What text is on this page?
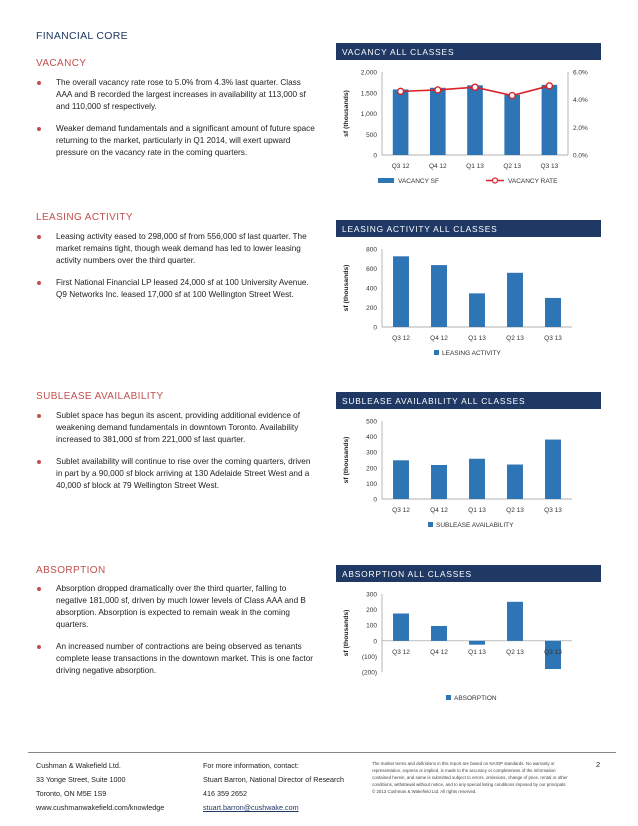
FINANCIAL CORE
VACANCY
The overall vacancy rate rose to 5.0% from 4.3% last quarter. Class AAA and B recorded the largest increases in availability at 113,000 sf and 110,000 sf respectively.
Weaker demand fundamentals and a significant amount of future space returning to the market, particularly in Q1 2014, will exert upward pressure on the vacancy rate in the coming quarters.
VACANCY ALL CLASSES
0
500
1,000
1,500
2,000
sf (thousands)
Q3 12	Q4 12	Q1 13	Q2 13	Q3 13
0.0%
2.0%
4.0%
6.0%
VACANCY SF	VACANCY RATE
LEASING ACTIVITY
Leasing activity eased to 298,000 sf from 556,000 sf last quarter. The market remains tight, though weak demand has led to lower leasing activity numbers over the third quarter.
First National Financial LP leased 24,000 sf at 100 University Avenue. Q9 Networks Inc. leased 17,000 sf at 100 Wellington Street West.
LEASING ACTIVITY ALL CLASSES
0
200
400
600
800
sf (thousands)
Q3 12	Q4 12	Q1 13	Q2 13	Q3 13
LEASING ACTIVITY
SUBLEASE AVAILABILITY
Sublet space has begun its ascent, providing additional evidence of weakening demand fundamentals in downtown Toronto. Availability increased to 381,000 sf from 221,000 sf last quarter.
Sublet availability will continue to rise over the coming quarters, driven in part by a 90,000 sf block arriving at 130 Adelaide Street West and a 40,000 sf block at 79 Wellington Street West.
SUBLEASE AVAILABILITY ALL CLASSES
0
100
200
300
400
500
sf (thousands)
Q3 12	Q4 12	Q1 13	Q2 13	Q3 13
SUBLEASE AVAILABILITY
ABSORPTION
Absorption dropped dramatically over the third quarter, falling to negative 181,000 sf, driven by much lower levels of Class AAA and B absorption. Absorption is expected to remain weak in the coming quarters.
An increased number of contractions are being observed as tenants complete lease transactions in the downtown market. This is one factor driving negative absorption.
ABSORPTION ALL CLASSES
(200)
(100)
0
100
200
300
sf (thousands)	Q3 12	Q4 12	Q1 13	Q2 13	Q3 13
ABSORPTION
Cushman & Wakefield Ltd.
33 Yonge Street, Suite 1000
Toronto, ON M5E 1S9
www.cushmanwakefield.com/knowledge
For more information, contact:
Stuart Barron, National Director of Research
416 359 2652
stuart.barron@cushwake.com
The market terms and definitions in this report are based on NAIOP standards. No warranty or representation, express or implied, is made to the accuracy or completeness of the information contained herein, and same is submitted subject to errors, omissions, change of price, rental or other conditions, withdrawal without notice, and to any special listing conditions imposed by our principals.
© 2013 Cushman & Wakefield Ltd. All rights reserved.
2
